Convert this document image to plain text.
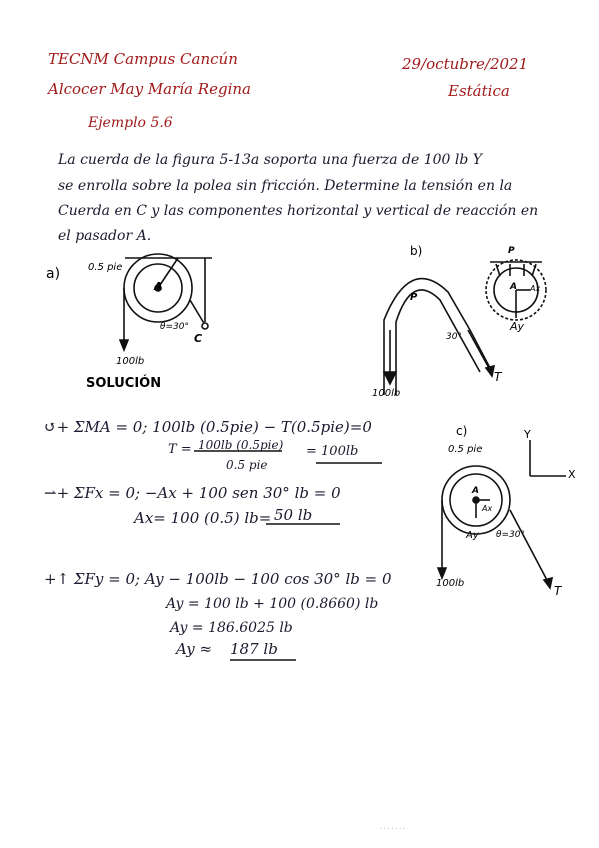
TECNM Campus Cancún
Alcocer May María Regina
29/octubre/2021
Estática
Ejemplo 5.6
La cuerda de la figura 5-13a soporta una fuerza de 100 lb Y
se enrolla sobre la polea sin fricción. Determine la tensión en la
Cuerda en C y las componentes horizontal y vertical de reacción en
el pasador A.
a)	0.5 pie
A
θ=30°
C
100lb
SOLUCIÓN
b)
P
30°
100lb
T
P
A Ax
Ay
c)
0.5 pie
A
Ax
Ay θ=30°
100lb
T
Y
X
↺+ ΣMA = 0; 100lb (0.5pie) − T(0.5pie)=0
T = 100lb (0.5pie)
0.5 pie
= 100lb
⇀+ ΣFx = 0; −Ax + 100 sen 30° lb = 0
Ax= 100 (0.5) lb= 50 lb
+↑ ΣFy = 0; Ay − 100lb − 100 cos 30° lb = 0
Ay = 100 lb + 100 (0.8660) lb
Ay = 186.6025 lb
Ay ≈ 187 lb
· · · · · · ·
